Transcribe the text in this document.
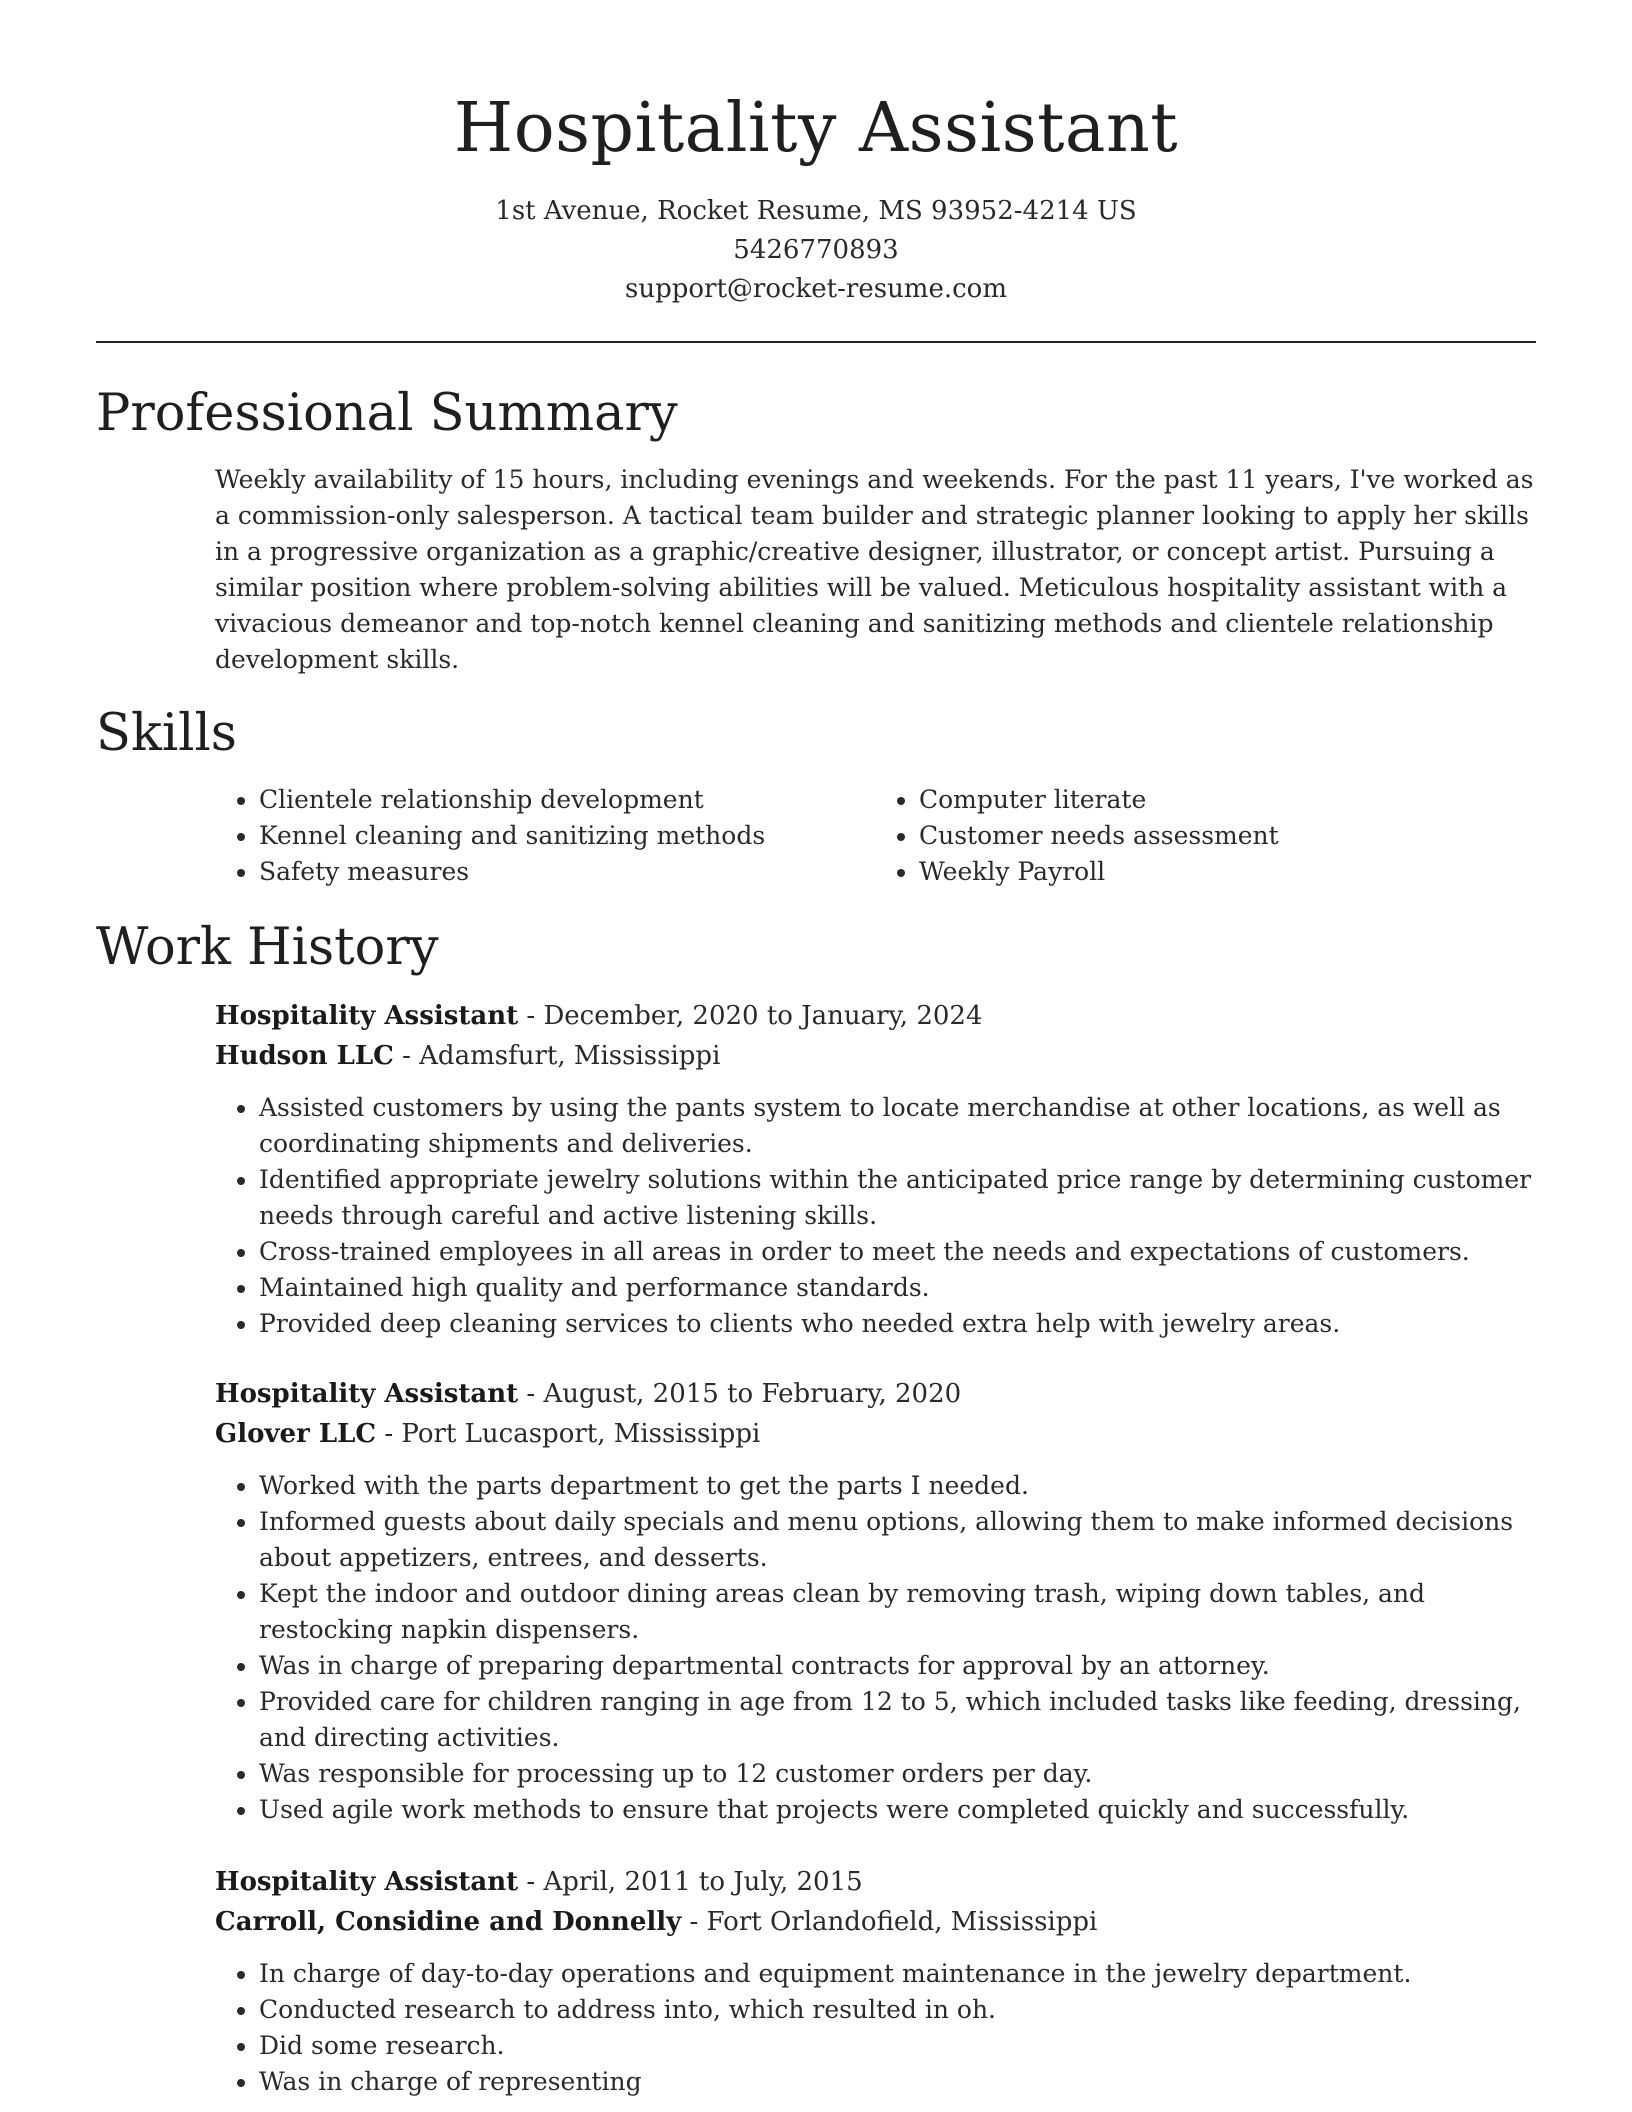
Hospitality Assistant
1st Avenue, Rocket Resume, MS 93952-4214 US
5426770893
support@rocket-resume.com
Professional Summary
Weekly availability of 15 hours, including evenings and weekends. For the past 11 years, I've worked as a commission-only salesperson. A tactical team builder and strategic planner looking to apply her skills in a progressive organization as a graphic/creative designer, illustrator, or concept artist. Pursuing a similar position where problem-solving abilities will be valued. Meticulous hospitality assistant with a vivacious demeanor and top-notch kennel cleaning and sanitizing methods and clientele relationship development skills.
Skills
• Clientele relationship development
• Kennel cleaning and sanitizing methods
• Safety measures
• Computer literate
• Customer needs assessment
• Weekly Payroll
Work History
Hospitality Assistant - December, 2020 to January, 2024
Hudson LLC - Adamsfurt, Mississippi
• Assisted customers by using the pants system to locate merchandise at other locations, as well as coordinating shipments and deliveries.
• Identified appropriate jewelry solutions within the anticipated price range by determining customer needs through careful and active listening skills.
• Cross-trained employees in all areas in order to meet the needs and expectations of customers.
• Maintained high quality and performance standards.
• Provided deep cleaning services to clients who needed extra help with jewelry areas.
Hospitality Assistant - August, 2015 to February, 2020
Glover LLC - Port Lucasport, Mississippi
• Worked with the parts department to get the parts I needed.
• Informed guests about daily specials and menu options, allowing them to make informed decisions about appetizers, entrees, and desserts.
• Kept the indoor and outdoor dining areas clean by removing trash, wiping down tables, and restocking napkin dispensers.
• Was in charge of preparing departmental contracts for approval by an attorney.
• Provided care for children ranging in age from 12 to 5, which included tasks like feeding, dressing, and directing activities.
• Was responsible for processing up to 12 customer orders per day.
• Used agile work methods to ensure that projects were completed quickly and successfully.
Hospitality Assistant - April, 2011 to July, 2015
Carroll, Considine and Donnelly - Fort Orlandofield, Mississippi
• In charge of day-to-day operations and equipment maintenance in the jewelry department.
• Conducted research to address into, which resulted in oh.
• Did some research.
• Was in charge of representing
